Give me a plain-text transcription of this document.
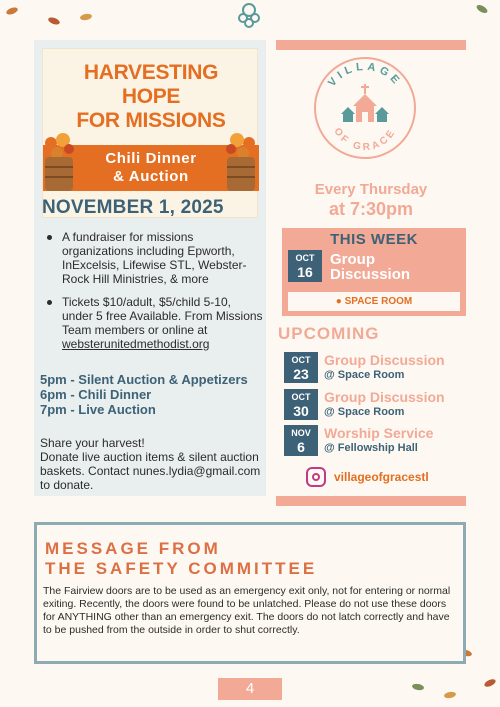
HARVESTING
HOPE
FOR MISSIONS
Chili Dinner
& Auction
NOVEMBER 1, 2025
A fundraiser for missions organizations including Epworth, InExcelsis, Lifewise STL, Webster-Rock Hill Ministries, & more
Tickets $10/adult, $5/child 5-10, under 5 free Available. From Missions Team members or online at websterunitedmethodist.org
5pm - Silent Auction & Appetizers
6pm - Chili Dinner
7pm - Live Auction
Share your harvest!
Donate live auction items & silent auction baskets. Contact nunes.lydia@gmail.com to donate.
VILLAGE
OF GRACE
Every Thursday
at 7:30pm
THIS WEEK
OCT
16
Group
Discussion
● SPACE ROOM
UPCOMING
OCT
23
Group Discussion
@ Space Room
OCT
30
Group Discussion
@ Space Room
NOV
6
Worship Service
@ Fellowship Hall
villageofgracestl
MESSAGE FROM
THE SAFETY COMMITTEE
The Fairview doors are to be used as an emergency exit only, not for entering or normal exiting. Recently, the doors were found to be unlatched. Please do not use these doors for ANYTHING other than an emergency exit. The doors do not latch correctly and have to be pushed from the outside in order to shut correctly.
4
